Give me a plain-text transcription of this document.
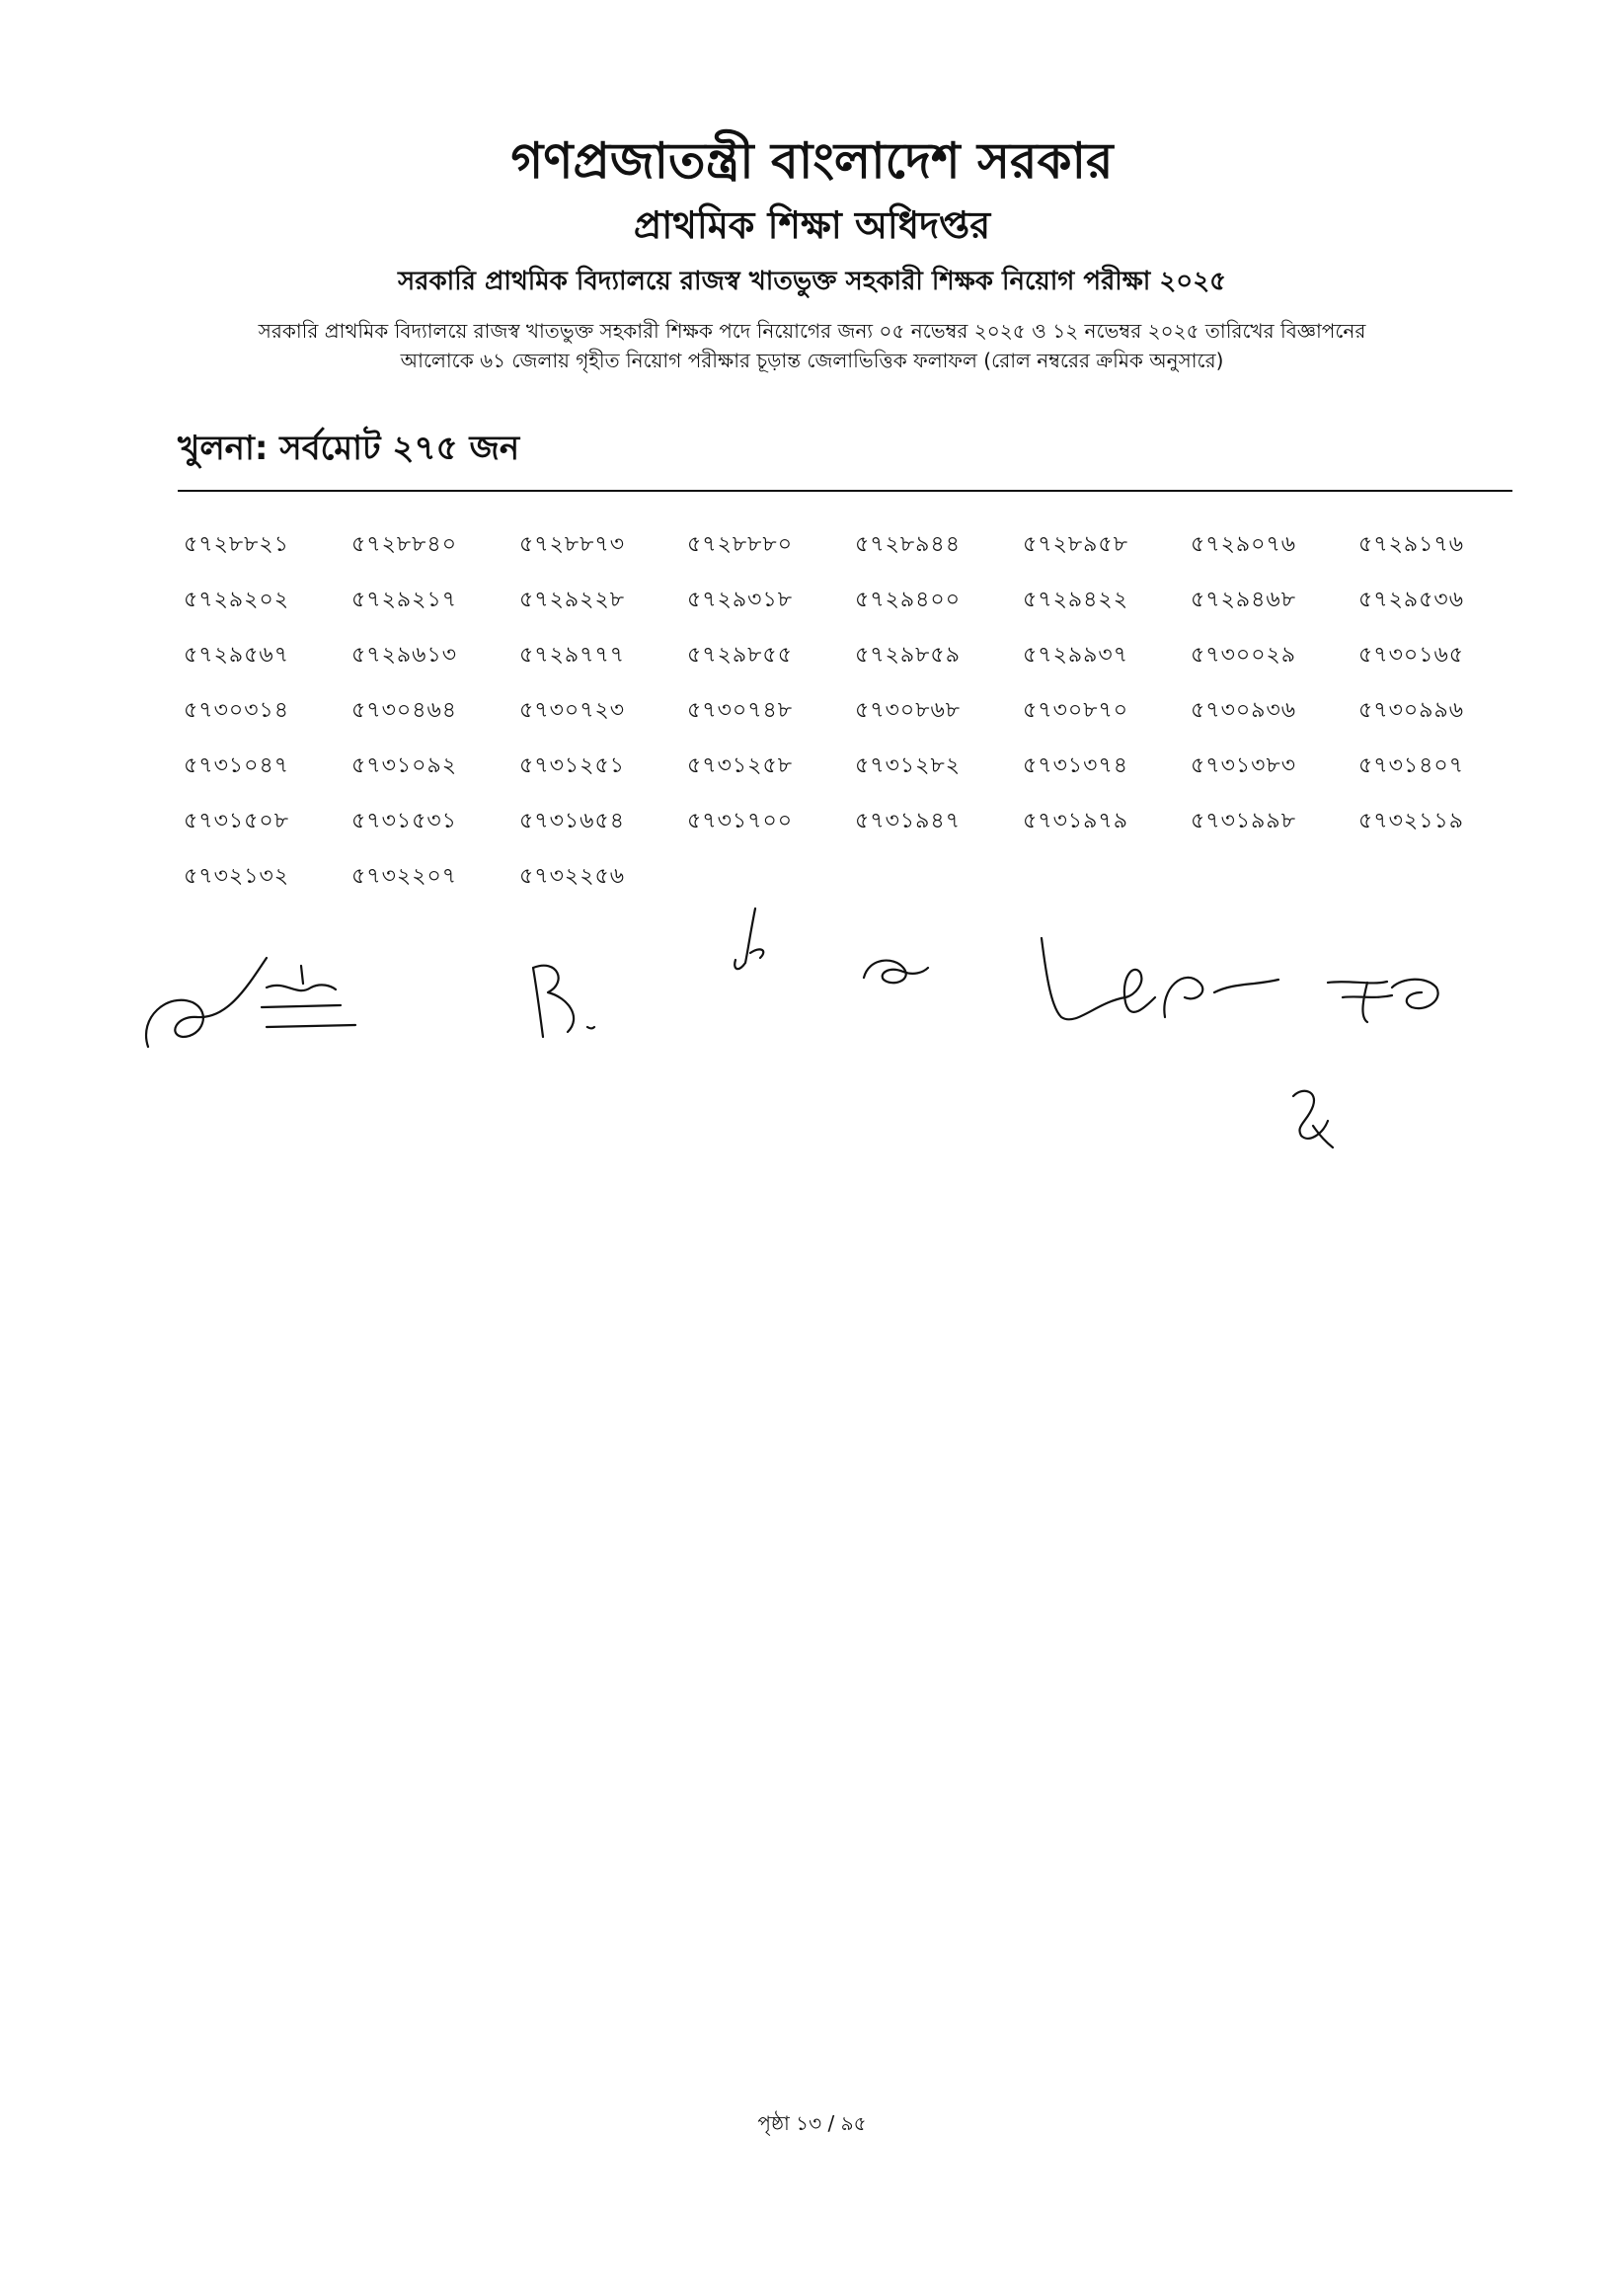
গণপ্রজাতন্ত্রী বাংলাদেশ সরকার

প্রাথমিক শিক্ষা অধিদপ্তর

সরকারি প্রাথমিক বিদ্যালয়ে রাজস্ব খাতভুক্ত সহকারী শিক্ষক নিয়োগ পরীক্ষা ২০২৫

সরকারি প্রাথমিক বিদ্যালয়ে রাজস্ব খাতভুক্ত সহকারী শিক্ষক পদে নিয়োগের জন্য ০৫ নভেম্বর ২০২৫ ও ১২ নভেম্বর ২০২৫ তারিখের বিজ্ঞাপনের
আলোকে ৬১ জেলায় গৃহীত নিয়োগ পরীক্ষার চূড়ান্ত জেলাভিত্তিক ফলাফল (রোল নম্বরের ক্রমিক অনুসারে)
খুলনা: সর্বমোট ২৭৫ জন
৫৭২৮৮২১	৫৭২৮৮৪০	৫৭২৮৮৭৩	৫৭২৮৮৮০	৫৭২৮৯৪৪	৫৭২৮৯৫৮	৫৭২৯০৭৬	৫৭২৯১৭৬
৫৭২৯২০২	৫৭২৯২১৭	৫৭২৯২২৮	৫৭২৯৩১৮	৫৭২৯৪০০	৫৭২৯৪২২	৫৭২৯৪৬৮	৫৭২৯৫৩৬
৫৭২৯৫৬৭	৫৭২৯৬১৩	৫৭২৯৭৭৭	৫৭২৯৮৫৫	৫৭২৯৮৫৯	৫৭২৯৯৩৭	৫৭৩০০২৯	৫৭৩০১৬৫
৫৭৩০৩১৪	৫৭৩০৪৬৪	৫৭৩০৭২৩	৫৭৩০৭৪৮	৫৭৩০৮৬৮	৫৭৩০৮৭০	৫৭৩০৯৩৬	৫৭৩০৯৯৬
৫৭৩১০৪৭	৫৭৩১০৯২	৫৭৩১২৫১	৫৭৩১২৫৮	৫৭৩১২৮২	৫৭৩১৩৭৪	৫৭৩১৩৮৩	৫৭৩১৪০৭
৫৭৩১৫০৮	৫৭৩১৫৩১	৫৭৩১৬৫৪	৫৭৩১৭০০	৫৭৩১৯৪৭	৫৭৩১৯৭৯	৫৭৩১৯৯৮	৫৭৩২১১৯
৫৭৩২১৩২	৫৭৩২২০৭	৫৭৩২২৫৬
পৃষ্ঠা ১৩ / ৯৫
